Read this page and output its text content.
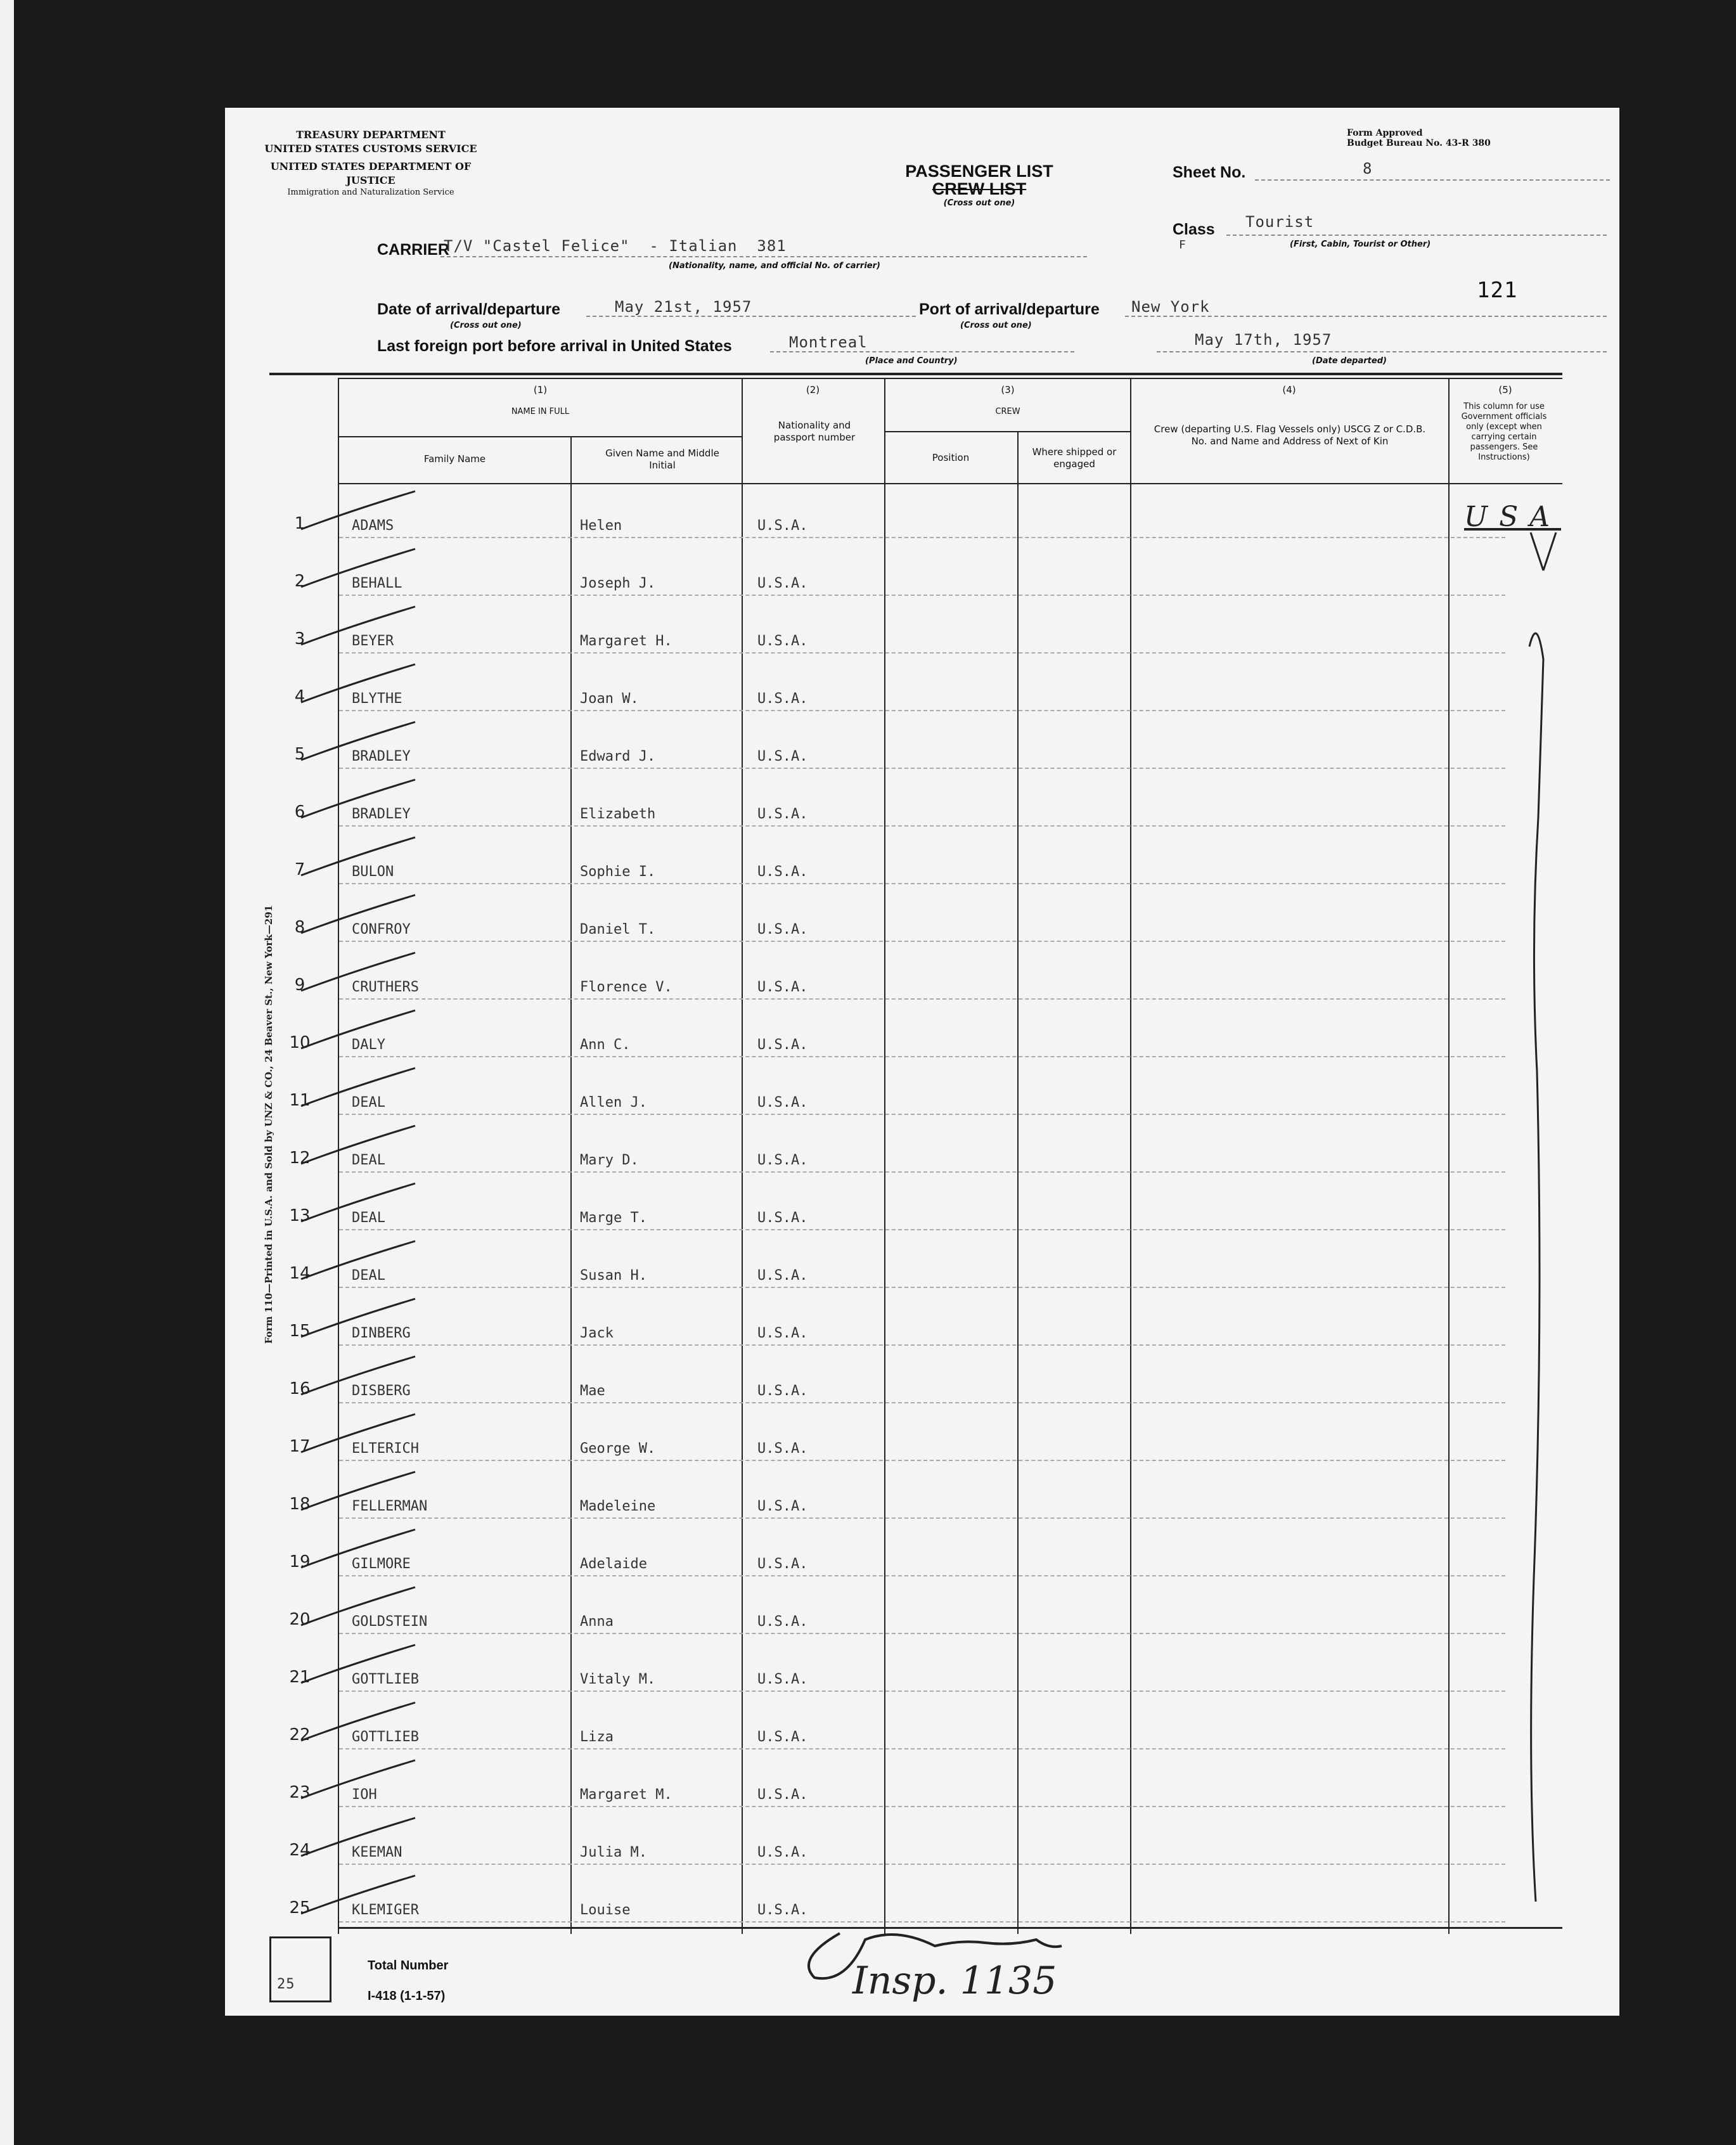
TREASURY DEPARTMENT
UNITED STATES CUSTOMS SERVICE
UNITED STATES DEPARTMENT OF JUSTICE
Immigration and Naturalization Service
Form Approved
Budget Bureau No. 43-R 380
PASSENGER LIST
CREW LIST
(Cross out one)
Sheet No.	8
Class Tourist
F	(First, Cabin, Tourist or Other)
CARRIER
T/V "Castel Felice"  - Italian  381
(Nationality, name, and official No. of carrier)
Date of arrival/departure
(Cross out one)
May 21st, 1957	Port of arrival/departure
(Cross out one)
New York
121
Last foreign port before arrival in United States	Montreal
(Place and Country)
May 17th, 1957
(Date departed)
(1)
NAME IN FULL
Family Name	Given Name and Middle Initial
(2)
Nationality and passport number
(3)
CREW
Position	Where shipped or engaged
(4)
Crew (departing U.S. Flag Vessels only) USCG Z or C.D.B. No. and Name and Address of Next of Kin
(5)
This column for use Government officials only (except when carrying certain passengers. See Instructions)
1	ADAMS	Helen	U.S.A.
2	BEHALL	Joseph J.	U.S.A.
3	BEYER	Margaret H.	U.S.A.
4	BLYTHE	Joan W.	U.S.A.
5	BRADLEY	Edward J.	U.S.A.
6	BRADLEY	Elizabeth	U.S.A.
7	BULON	Sophie I.	U.S.A.
8	CONFROY	Daniel T.	U.S.A.
9	CRUTHERS	Florence V.	U.S.A.
10	DALY	Ann C.	U.S.A.
11	DEAL	Allen J.	U.S.A.
12	DEAL	Mary D.	U.S.A.
13	DEAL	Marge T.	U.S.A.
14	DEAL	Susan H.	U.S.A.
15	DINBERG	Jack	U.S.A.
16	DISBERG	Mae	U.S.A.
17	ELTERICH	George W.	U.S.A.
18	FELLERMAN	Madeleine	U.S.A.
19	GILMORE	Adelaide	U.S.A.
20	GOLDSTEIN	Anna	U.S.A.
21	GOTTLIEB	Vitaly M.	U.S.A.
22	GOTTLIEB	Liza	U.S.A.
23	IOH	Margaret M.	U.S.A.
24	KEEMAN	Julia M.	U.S.A.
25	KLEMIGER	Louise	U.S.A.
USA
25
Total Number
I-418 (1-1-57)	Insp. 1135
Form 110—Printed in U.S.A. and Sold by UNZ & CO., 24 Beaver St., New York—291
